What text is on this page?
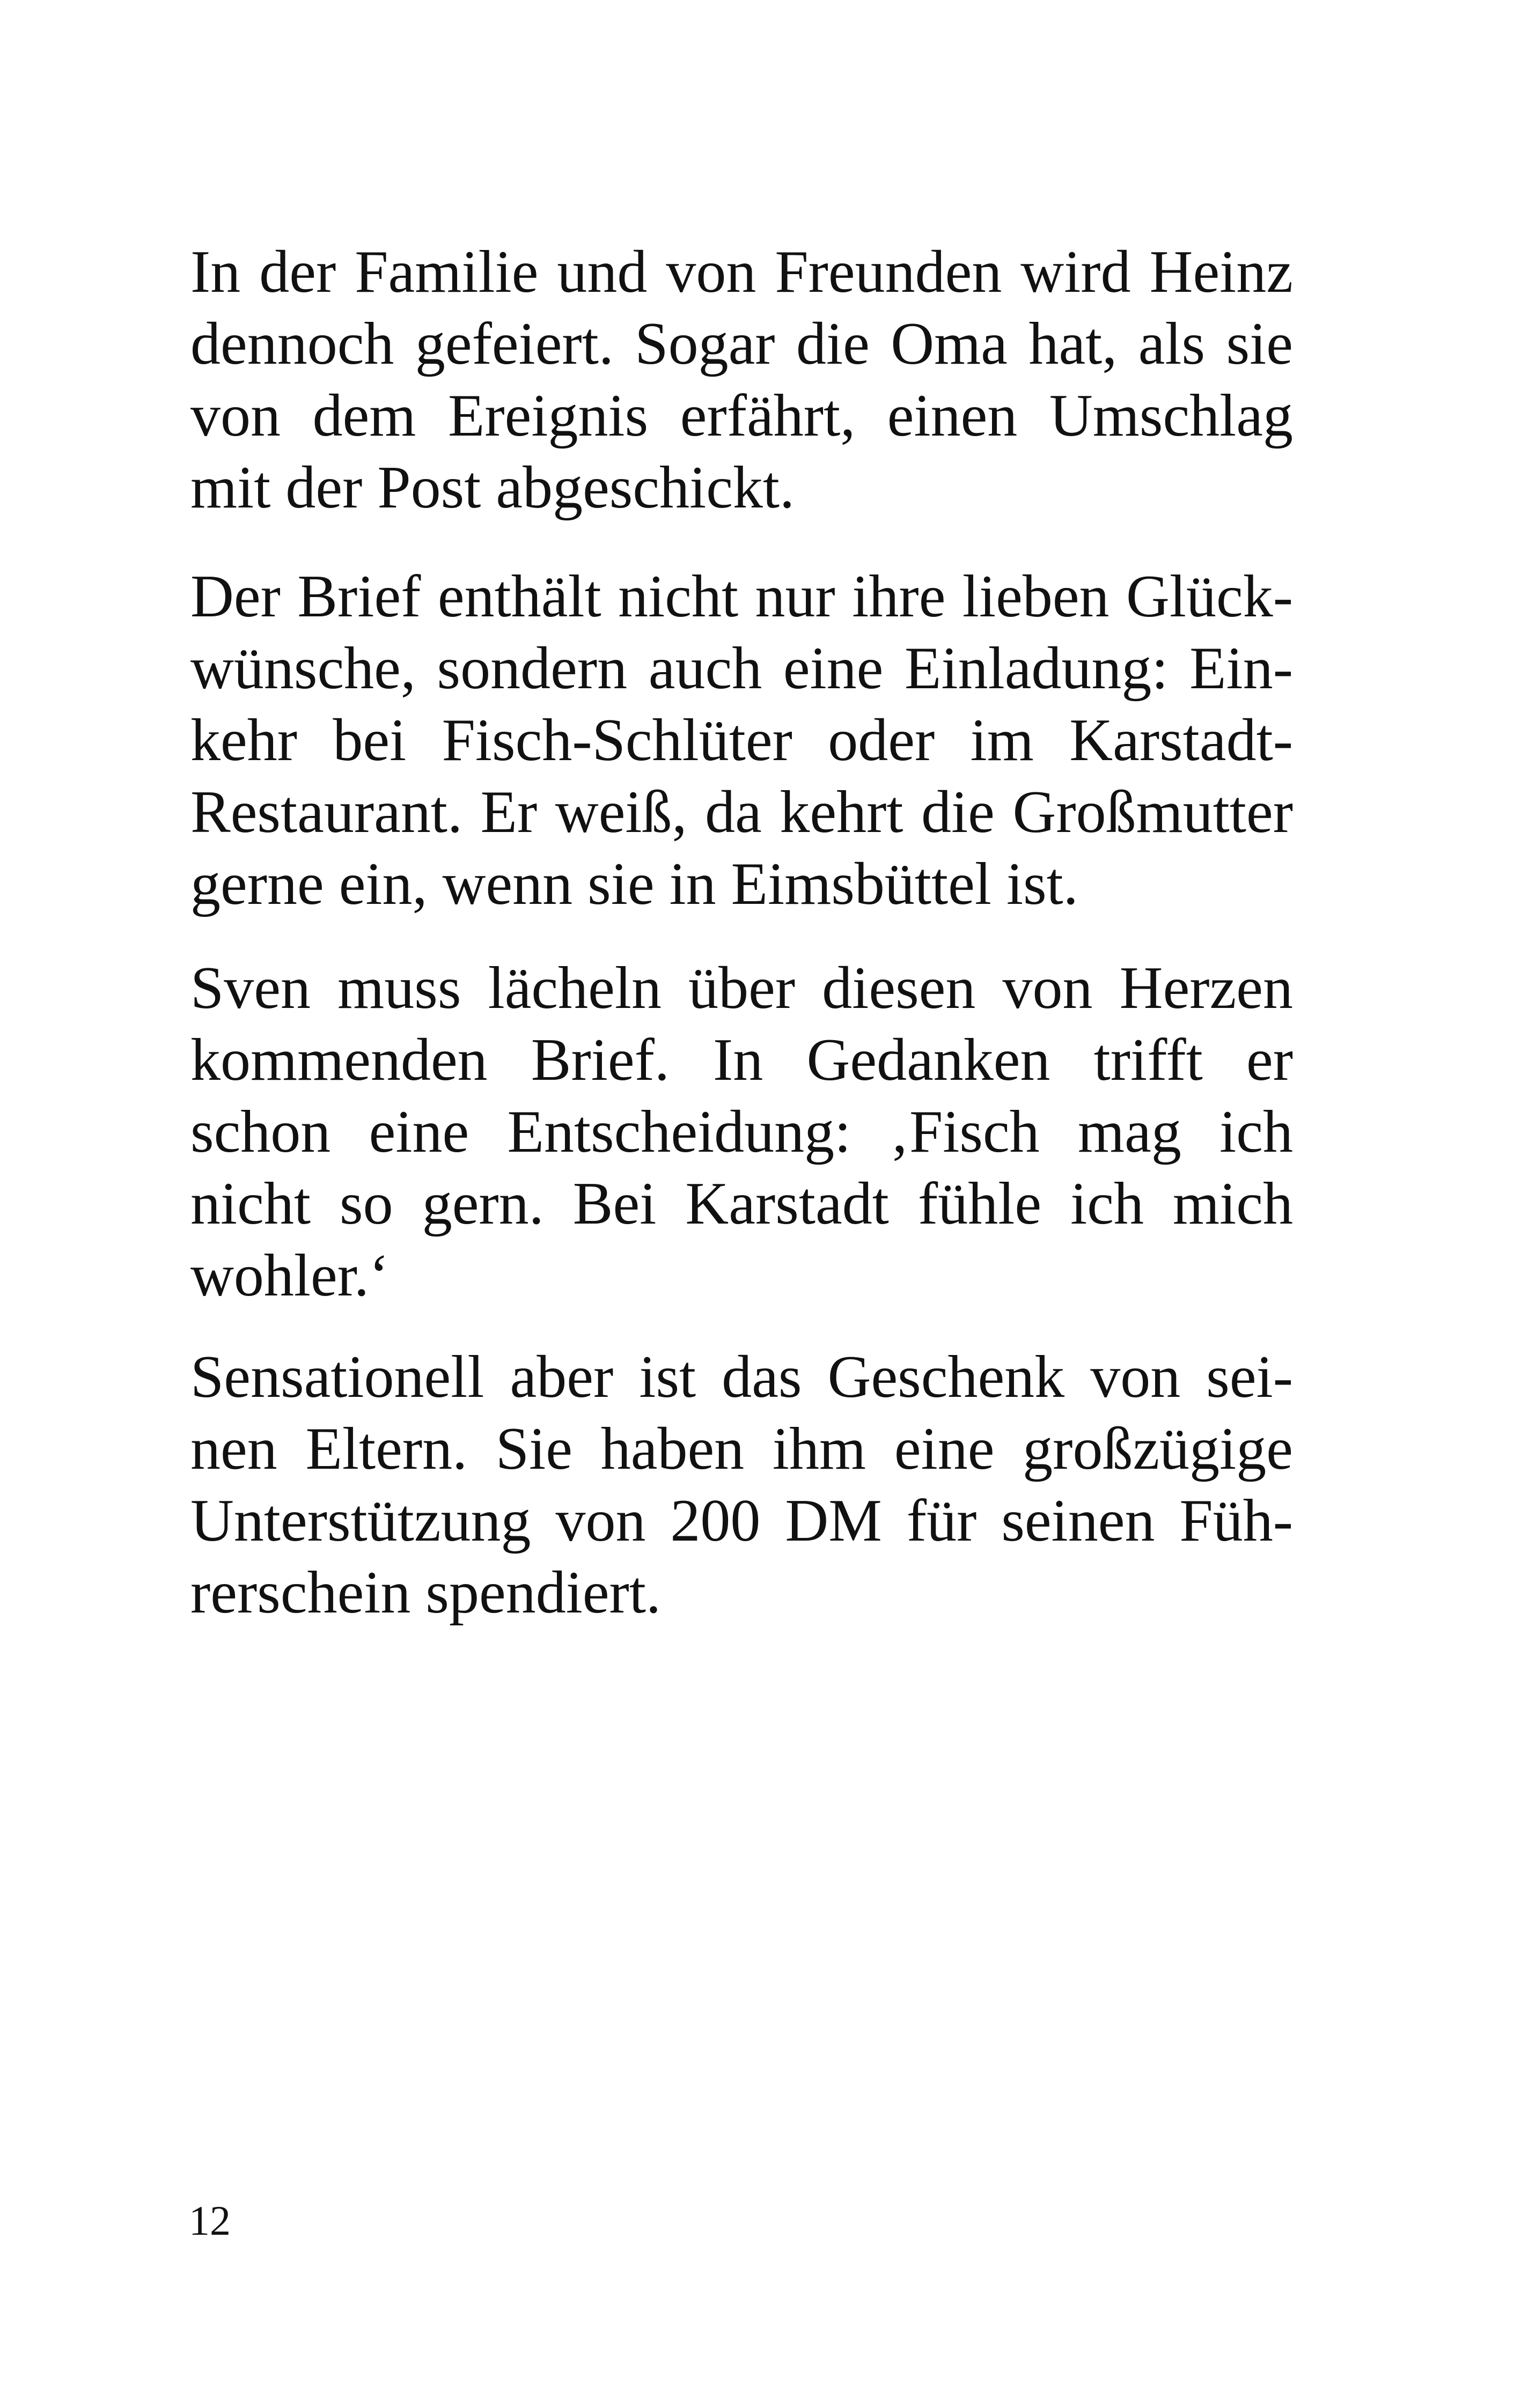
In der Familie und von Freunden wird Heinz
dennoch gefeiert. Sogar die Oma hat, als sie
von dem Ereignis erfährt, einen Umschlag
mit der Post abgeschickt.

Der Brief enthält nicht nur ihre lieben Glück-
wünsche, sondern auch eine Einladung: Ein-
kehr bei Fisch-Schlüter oder im Karstadt-
Restaurant. Er weiß, da kehrt die Großmutter
gerne ein, wenn sie in Eimsbüttel ist.

Sven muss lächeln über diesen von Herzen
kommenden Brief. In Gedanken trifft er
schon eine Entscheidung: ‚Fisch mag ich
nicht so gern. Bei Karstadt fühle ich mich
wohler.‘

Sensationell aber ist das Geschenk von sei-
nen Eltern. Sie haben ihm eine großzügige
Unterstützung von 200 DM für seinen Füh-
rerschein spendiert.

12
